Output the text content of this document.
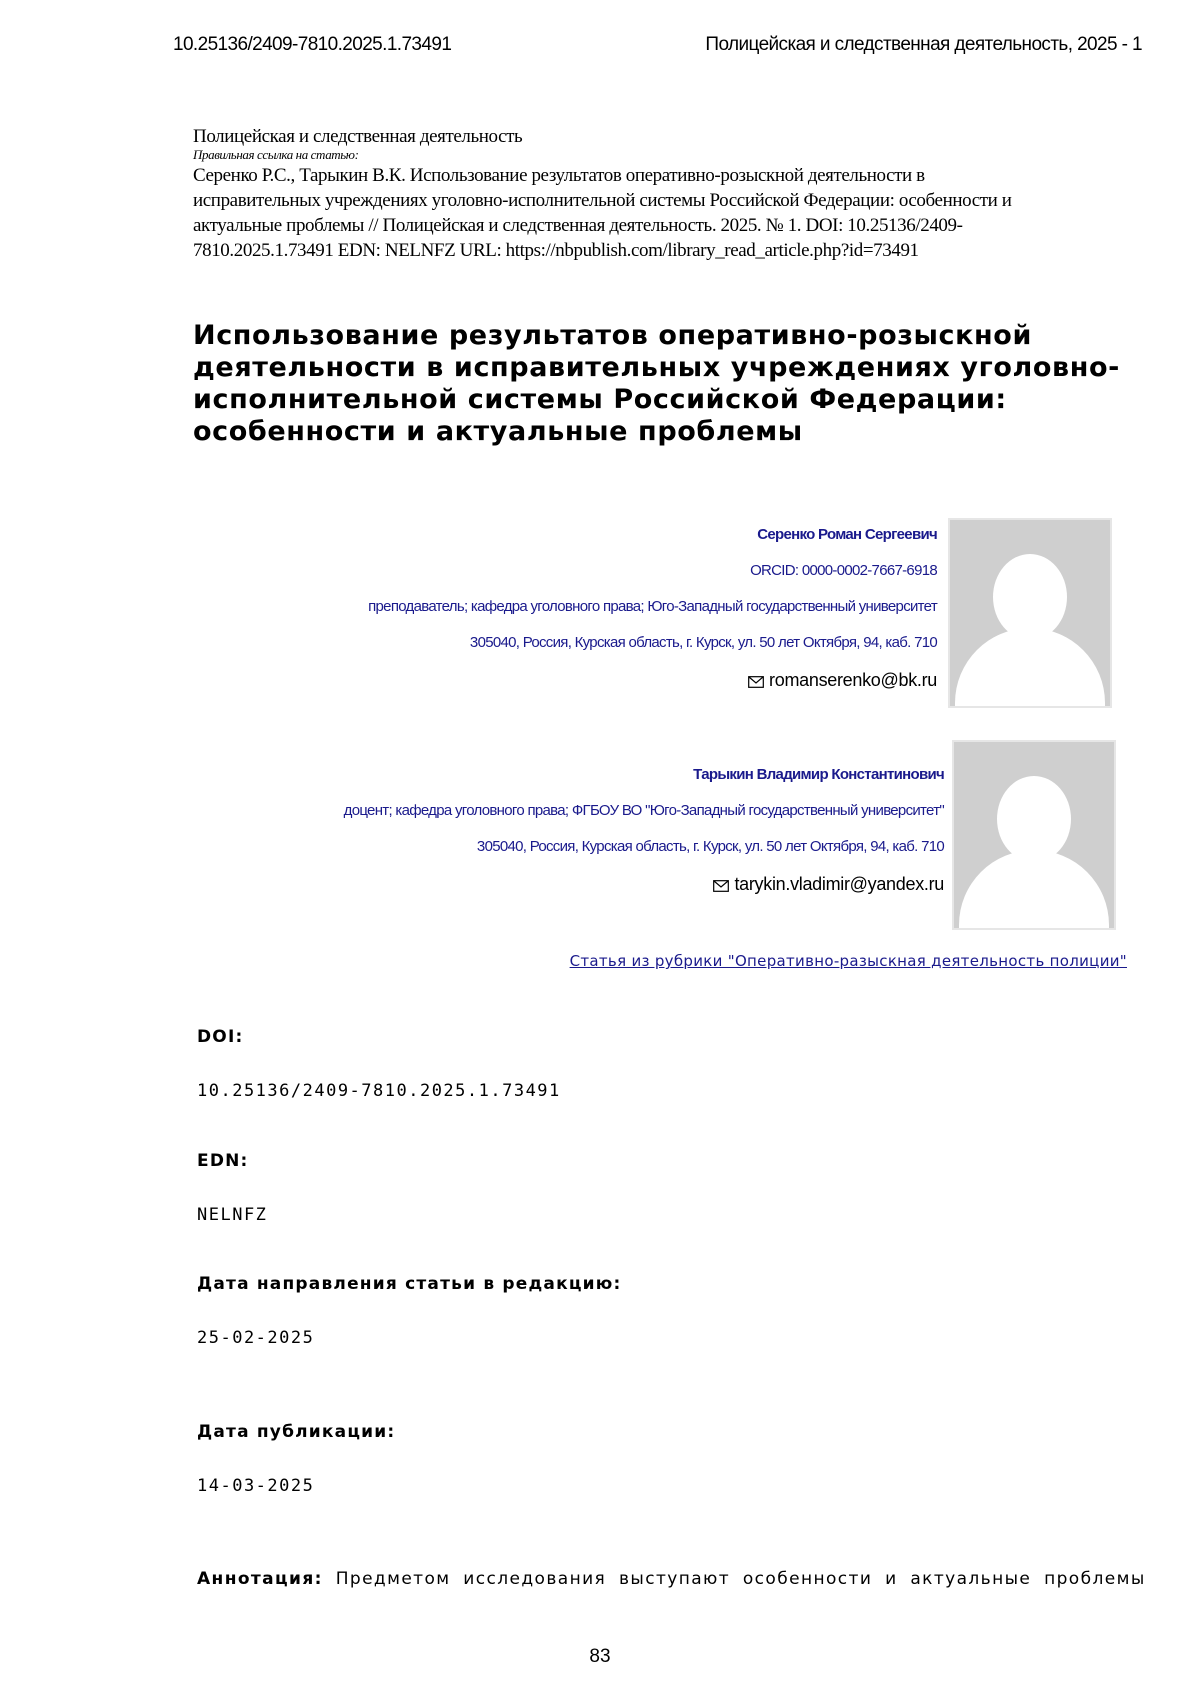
10.25136/2409-7810.2025.1.73491	Полицейская и следственная деятельность, 2025 - 1
Полицейская и следственная деятельность
Правильная ссылка на статью:
Серенко Р.С., Тарыкин В.К. Использование результатов оперативно-розыскной деятельности в
исправительных учреждениях уголовно-исполнительной системы Российской Федерации: особенности и
актуальные проблемы // Полицейская и следственная деятельность. 2025. № 1. DOI: 10.25136/2409-
7810.2025.1.73491 EDN: NELNFZ URL: https://nbpublish.com/library_read_article.php?id=73491
Использование результатов оперативно-розыскной
деятельности в исправительных учреждениях уголовно-
исполнительной системы Российской Федерации:
особенности и актуальные проблемы
Серенко Роман Сергеевич
ORCID: 0000-0002-7667-6918
преподаватель; кафедра уголовного права; Юго-Западный государственный университет
305040, Россия, Курская область, г. Курск, ул. 50 лет Октября, 94, каб. 710
romanserenko@bk.ru
Тарыкин Владимир Константинович
доцент; кафедра уголовного права; ФГБОУ ВО "Юго-Западный государственный университет"
305040, Россия, Курская область, г. Курск, ул. 50 лет Октября, 94, каб. 710
tarykin.vladimir@yandex.ru
Статья из рубрики "Оперативно-разыскная деятельность полиции"
DOI:
10.25136/2409-7810.2025.1.73491
EDN:
NELNFZ
Дата направления статьи в редакцию:
25-02-2025
Дата публикации:
14-03-2025
Аннотация: Предметом исследования выступают особенности и актуальные проблемы
83
